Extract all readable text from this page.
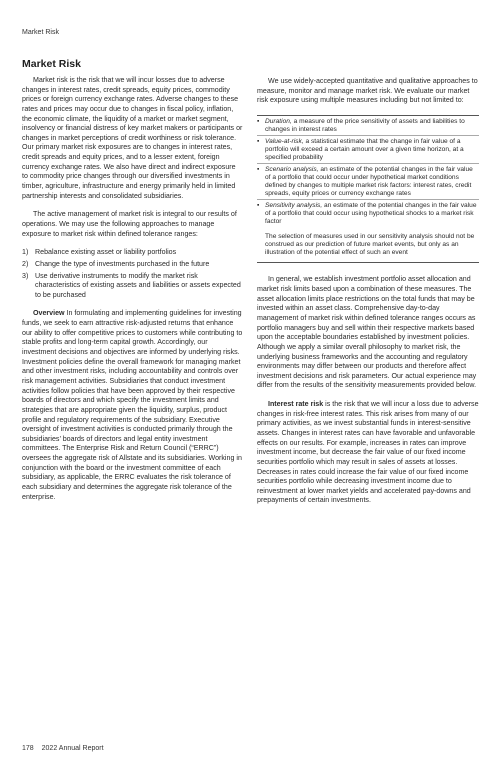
Market Risk
Market Risk

Market risk is the risk that we will incur losses due to adverse changes in interest rates, credit spreads, equity prices, commodity prices or foreign currency exchange rates. Adverse changes to these rates and prices may occur due to changes in fiscal policy, inflation, the economic climate, the liquidity of a market or market segment, insolvency or financial distress of key market makers or participants or changes in market perceptions of credit worthiness or risk tolerance. Our primary market risk exposures are to changes in interest rates, credit spreads and equity prices, and to a lesser extent, foreign currency exchange rates. We also have direct and indirect exposure to commodity price changes through our diversified investments in timber, agriculture, infrastructure and energy primarily held in limited partnership interests and consolidated subsidiaries.

The active management of market risk is integral to our results of operations. We may use the following approaches to manage exposure to market risk within defined tolerance ranges:

1) Rebalance existing asset or liability portfolios
2) Change the type of investments purchased in the future
3) Use derivative instruments to modify the market risk characteristics of existing assets and liabilities or assets expected to be purchased

Overview In formulating and implementing guidelines for investing funds, we seek to earn attractive risk-adjusted returns that enhance our ability to offer competitive prices to customers while contributing to stable profits and long-term capital growth. Accordingly, our investment decisions and objectives are informed by underlying risks. Investment policies define the overall framework for managing market and other investment risks, including accountability and controls over risk management activities. Subsidiaries that conduct investment activities follow policies that have been approved by their respective boards of directors and which specify the investment limits and strategies that are appropriate given the liquidity, surplus, product profile and regulatory requirements of the subsidiary. Executive oversight of investment activities is conducted primarily through the subsidiaries’ boards of directors and legal entity investment committees. The Enterprise Risk and Return Council (“ERRC”) oversees the aggregate risk of Allstate and its subsidiaries. Working in conjunction with the board or the investment committee of each subsidiary, as applicable, the ERRC evaluates the risk tolerance of each subsidiary and determines the aggregate risk tolerance of the enterprise.

We use widely-accepted quantitative and qualitative approaches to measure, monitor and manage market risk. We evaluate our market risk exposure using multiple measures including but not limited to:

▪ Duration, a measure of the price sensitivity of assets and liabilities to changes in interest rates
▪ Value-at-risk, a statistical estimate that the change in fair value of a portfolio will exceed a certain amount over a given time horizon, at a specified probability
▪ Scenario analysis, an estimate of the potential changes in the fair value of a portfolio that could occur under hypothetical market conditions defined by changes to multiple market risk factors: interest rates, credit spreads, equity prices or currency exchange rates
▪ Sensitivity analysis, an estimate of the potential changes in the fair value of a portfolio that could occur using hypothetical shocks to a market risk factor
The selection of measures used in our sensitivity analysis should not be construed as our prediction of future market events, but only as an illustration of the potential effect of such an event

In general, we establish investment portfolio asset allocation and market risk limits based upon a combination of these measures. The asset allocation limits place restrictions on the total funds that may be invested within an asset class. Comprehensive day-to-day management of market risk within defined tolerance ranges occurs as portfolio managers buy and sell within their respective markets based upon the acceptable boundaries established by investment policies. Although we apply a similar overall philosophy to market risk, the underlying business frameworks and the accounting and regulatory environments may differ between our products and therefore affect investment decisions and risk parameters. Our actual experience may differ from the results of the sensitivity measurements provided below.

Interest rate risk is the risk that we will incur a loss due to adverse changes in risk-free interest rates. This risk arises from many of our primary activities, as we invest substantial funds in interest-sensitive assets. Changes in interest rates can have favorable and unfavorable effects on our results. For example, increases in rates can improve investment income, but decrease the fair value of our fixed income securities portfolio which may result in sales of assets at losses. Decreases in rates could increase the fair value of our fixed income securities portfolio while decreasing investment income due to reinvestment at lower market yields and accelerated pay-downs and prepayments of certain investments.

178 2022 Annual Report
